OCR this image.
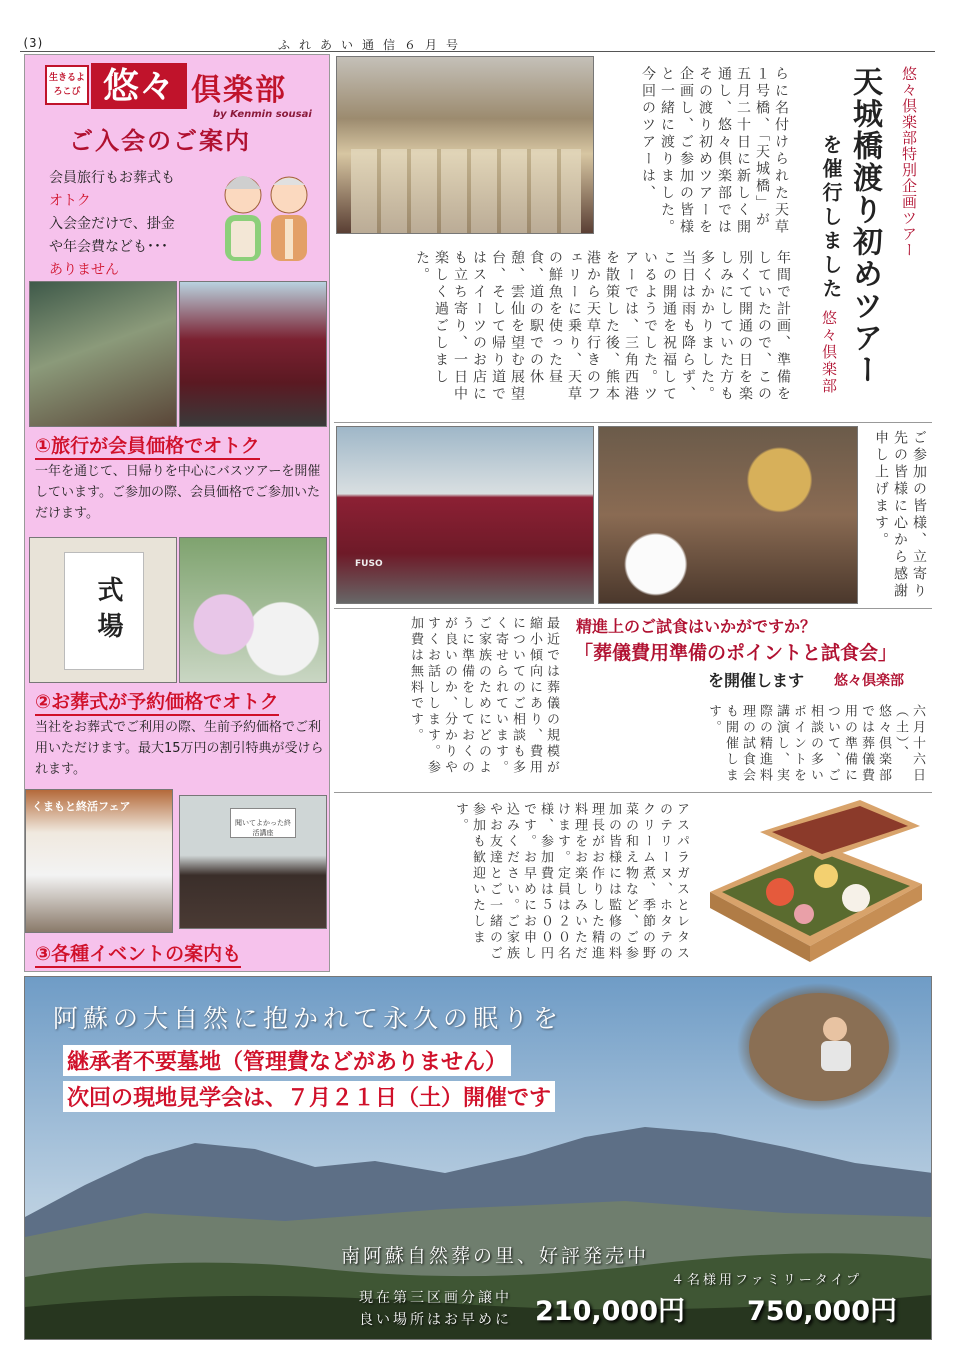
(3)	ふれあい通信６月号
生きるよろこび 悠々 倶楽部
by Kenmin sousai
ご入会のご案内
会員旅行もお葬式も
オトク
入会金だけで、掛金
や年会費なども･･･
ありません
①旅行が会員価格でオトク
一年を通じて、日帰りを中心にバスツアーを開催しています。ご参加の際、会員価格でご参加いただけます。
式場
②お葬式が予約価格でオトク
当社をお葬式でご利用の際、生前予約価格でご利用いただけます。最大15万円の割引特典が受けられます。
くまもと終活フェア
聞いてよかった終活講座
③各種イベントの案内も
らに名付けられた天草１号橋、「天城橋」が五月二十日に新しく開通し、悠々倶楽部ではその渡り初めツアーを企画し、ご参加の皆様と一緒に渡りました。今回のツアーは、	悠々倶楽部特別企画ツアー
天城橋渡り初めツアー
を催行しました
悠々倶楽部
年間で計画、準備をしていたので、この別くて開通の日を楽しみにしていた方も多くかかりました。当日は雨も降らず、この開通を祝福しているようでした。ツアーでは、三角西港を散策した後、熊本港から天草行きのフェリーに乗り、天草の鮮魚を使った昼食、道の駅での休憩、雲仙を望む展望台、そして帰り道ではスイーツのお店にも立ち寄り、一日中楽しく過ごしました。
FUSO	ご参加の皆様、立寄り先の皆様に心から感謝申し上げます。
最近では葬儀の規模が縮小傾向にあり、費用についてのご相談も多く寄せられています。ご家族のためにどのように準備をしておくのが良いのか、分かりやすくお話しします。参加費は無料です。	精進上のご試食はいかがですか？
「葬儀費用準備のポイントと試食会」
を開催します 悠々倶楽部
六月十六日（土）、悠々倶楽部では葬儀費用の準備について、ご相談の多いポイントを講演し、実際の精進料理の試食会も開催します。
アスパラガスとレタスのテリーヌ、ホタテのクリーム煮、季節の野菜の和え物など、ご参加の皆様には監修の料理長がお作りした精進料理をお楽しみいただけます。定員は２０名様、参加費は５００円です。お早めにお申し込みください。ご家族やお友達とご一緒のご参加も歓迎いたします。
阿蘇の大自然に抱かれて永久の眠りを
継承者不要墓地（管理費などがありません）
次回の現地見学会は、７月２１日（土）開催です
南阿蘇自然葬の里、好評発売中
４名様用ファミリータイプ
現在第三区画分譲中
良い場所はお早めに 210,000円 750,000円
